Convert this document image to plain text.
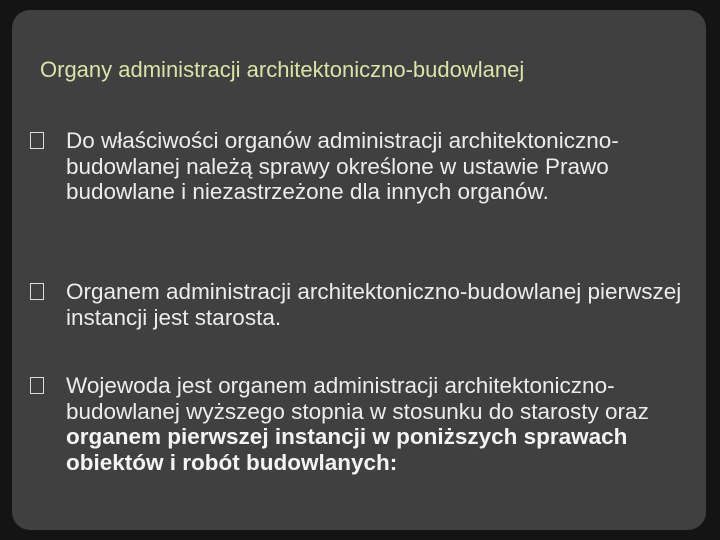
Organy administracji architektoniczno-budowlanej
Do właściwości organów administracji architektoniczno- budowlanej należą sprawy określone w ustawie Prawo budowlane i niezastrzeżone dla innych organów.
Organem administracji architektoniczno-budowlanej pierwszej instancji jest starosta.
Wojewoda jest organem administracji architektoniczno- budowlanej wyższego stopnia w stosunku do starosty oraz organem pierwszej instancji w poniższych sprawach obiektów i robót budowlanych:
